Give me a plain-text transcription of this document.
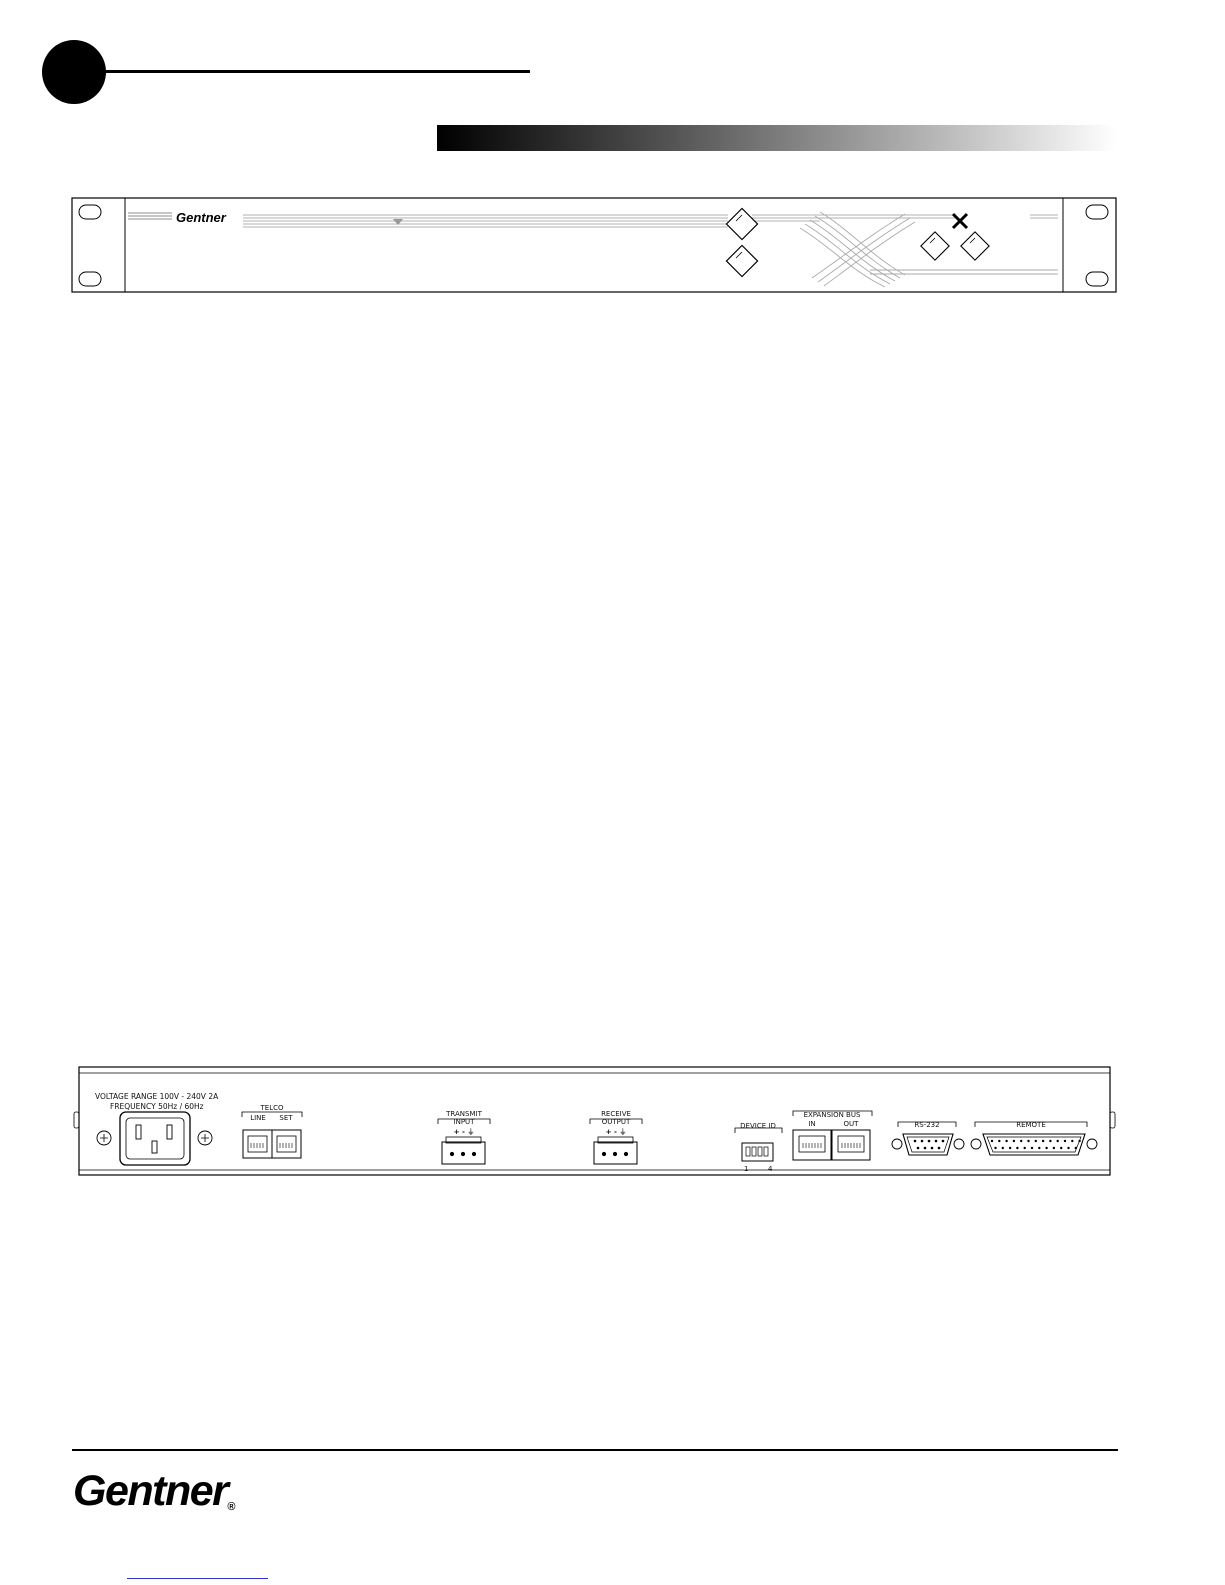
Gentner
VOLTAGE RANGE 100V - 240V 2A
FREQUENCY 50Hz / 60Hz	TELCO
LINE SET	TRANSMIT
INPUT
+ - ⏚
RECEIVE
OUTPUT
+ - ⏚
DEVICE ID
1	4
EXPANSION BUS
IN	OUT	RS-232	REMOTE
Gentner®
